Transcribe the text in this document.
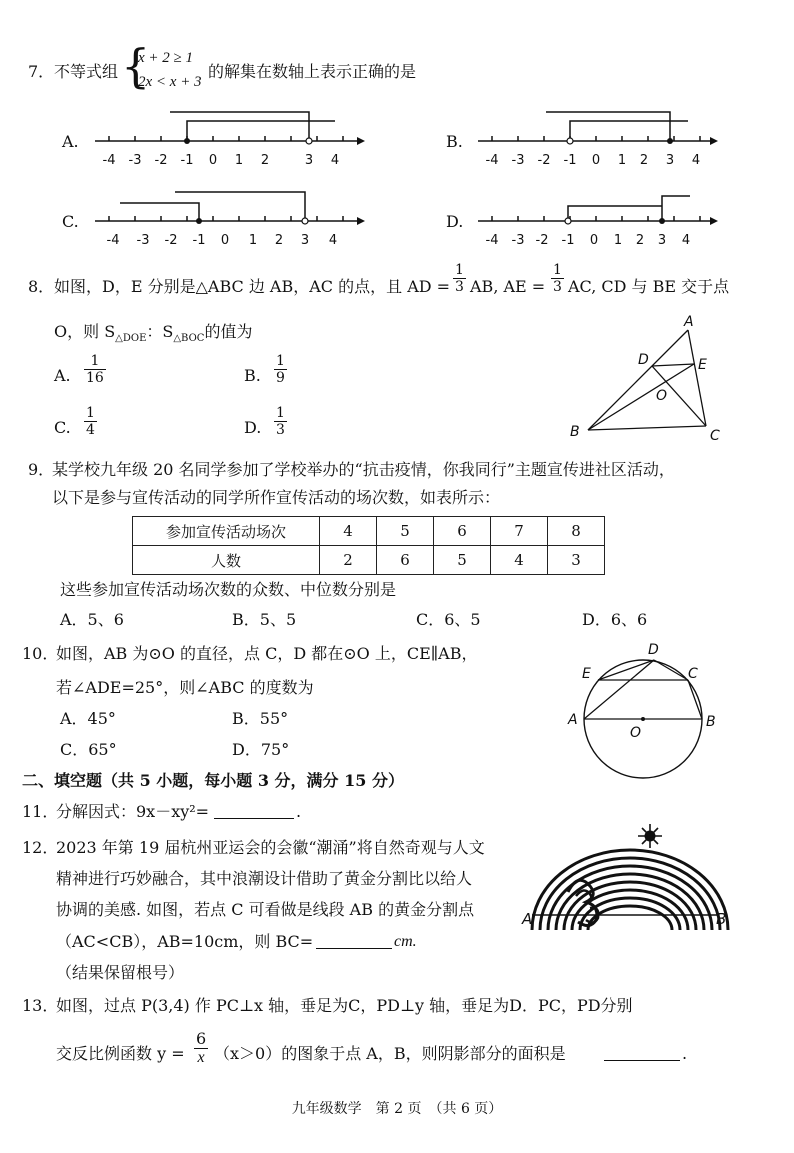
7． 不等式组 {
x + 2 ≥ 1
2x < x + 3
的解集在数轴上表示正确的是
A.	B.
C.	D.
-4 -3 -2 -1 0 1 2	3 4	-4 -3 -2 -1 0 1 2 3 4
-4 -3 -2 -1 0 1 2 3 4	-4 -3 -2 -1 0 1 2 3 4
8． 如图，D，E 分别是△ABC 边 AB，AC 的点，且 AD = $\frac{1}{3}$ AB, AE = $\frac{1}{3}$ AC, CD 与 BE 交于点
O，则 $S_{\triangle DOE}$：$S_{\triangle BOC}$的值为
A. $\frac{1}{16}$	B. $\frac{1}{9}$
C. $\frac{1}{4}$	D. $\frac{1}{3}$
A
D	E
O
B	C
9．
某学校九年级 20 名同学参加了学校举办的“抗击疫情，你我同行”主题宣传进社区活动，
以下是参与宣传活动的同学所作宣传活动的场次数，如表所示：
参加宣传活动场次	4	5	6	7	8
人数	2	6	5	4	3
这些参加宣传活动场次数的众数、中位数分别是
A．5、6	B．5、5	C．6、5	D．6、6
10．
如图，AB 为⊙O 的直径，点 C，D 都在⊙O 上，CE∥AB，
若∠ADE=25°，则∠ABC 的度数为
A．45°	B．55°
C．65°	D．75°
D
E	C
A	B
O
二、填空题（共 5 小题，每小题 3 分，满分 15 分）
11．
分解因式：9x－xy²=	.
12．
2023 年第 19 届杭州亚运会的会徽“潮涌”将自然奇观与人文
精神进行巧妙融合，其中浪潮设计借助了黄金分割比以给人
协调的美感. 如图，若点 C 可看做是线段 AB 的黄金分割点
（AC<CB），AB=10cm，则 BC=	cm.
（结果保留根号）
A	B
13．
如图，过点 P(3,4) 作 PC⊥x 轴，垂足为C，PD⊥y 轴，垂足为D．PC，PD分别
交反比例函数 $y = \frac{6}{x} (x>0)$的图象于点 A，B，则阴影部分的面积是	.
九年级数学　第 2 页　（共 6 页）
